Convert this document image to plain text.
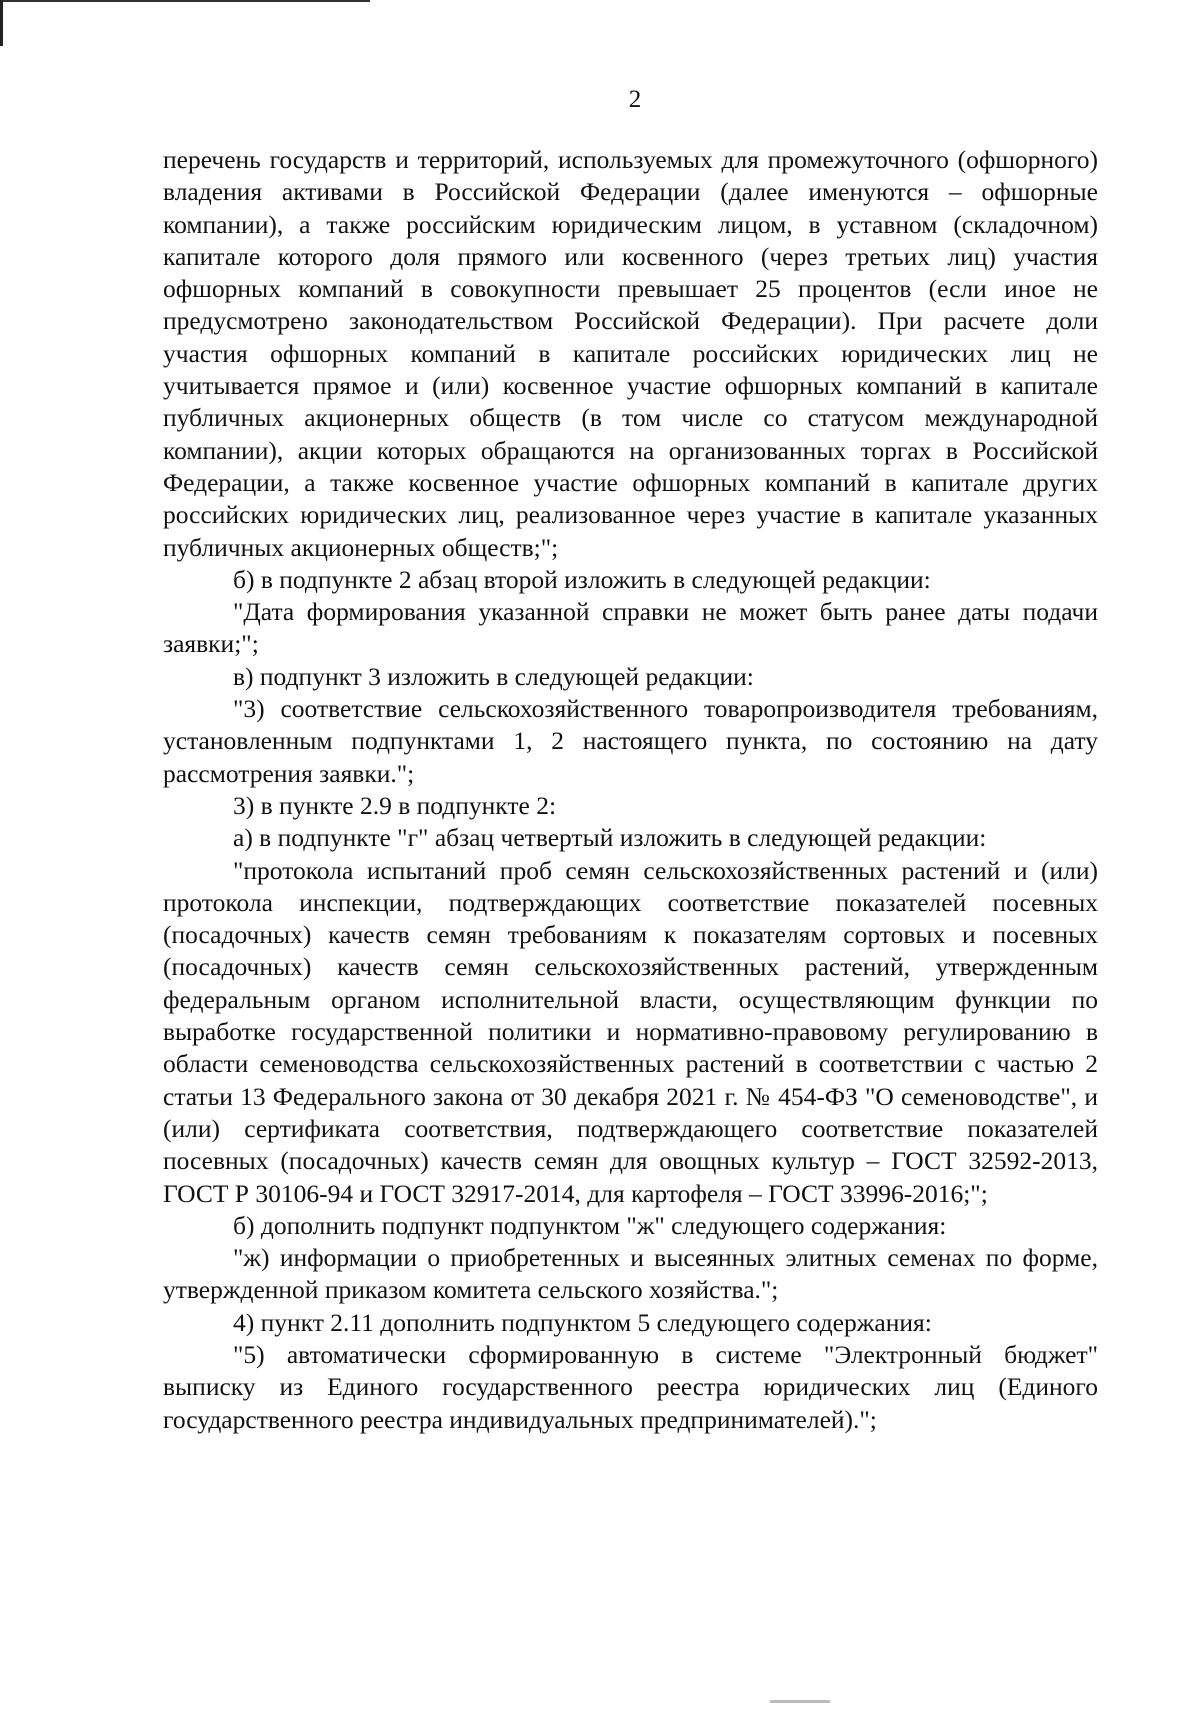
2

перечень государств и территорий, используемых для промежуточного (офшорного) владения активами в Российской Федерации (далее именуются – офшорные компании), а также российским юридическим лицом, в уставном (складочном) капитале которого доля прямого или косвенного (через третьих лиц) участия офшорных компаний в совокупности превышает 25 процентов (если иное не предусмотрено законодательством Российской Федерации). При расчете доли участия офшорных компаний в капитале российских юридических лиц не учитывается прямое и (или) косвенное участие офшорных компаний в капитале публичных акционерных обществ (в том числе со статусом международной компании), акции которых обращаются на организованных торгах в Российской Федерации, а также косвенное участие офшорных компаний в капитале других российских юридических лиц, реализованное через участие в капитале указанных публичных акционерных обществ;";

б) в подпункте 2 абзац второй изложить в следующей редакции:

"Дата формирования указанной справки не может быть ранее даты подачи заявки;";

в) подпункт 3 изложить в следующей редакции:

"3) соответствие сельскохозяйственного товаропроизводителя требованиям, установленным подпунктами 1, 2 настоящего пункта, по состоянию на дату рассмотрения заявки.";

3) в пункте 2.9 в подпункте 2:

а) в подпункте "г" абзац четвертый изложить в следующей редакции:

"протокола испытаний проб семян сельскохозяйственных растений и (или) протокола инспекции, подтверждающих соответствие показателей посевных (посадочных) качеств семян требованиям к показателям сортовых и посевных (посадочных) качеств семян сельскохозяйственных растений, утвержденным федеральным органом исполнительной власти, осуществляющим функции по выработке государственной политики и нормативно-правовому регулированию в области семеноводства сельскохозяйственных растений в соответствии с частью 2 статьи 13 Федерального закона от 30 декабря 2021 г. № 454-ФЗ "О семеноводстве", и (или) сертификата соответствия, подтверждающего соответствие показателей посевных (посадочных) качеств семян для овощных культур – ГОСТ 32592-2013, ГОСТ Р 30106-94 и ГОСТ 32917-2014, для картофеля – ГОСТ 33996-2016;";

б) дополнить подпункт подпунктом "ж" следующего содержания:

"ж) информации о приобретенных и высеянных элитных семенах по форме, утвержденной приказом комитета сельского хозяйства.";

4) пункт 2.11 дополнить подпунктом 5 следующего содержания:

"5) автоматически сформированную в системе "Электронный бюджет" выписку из Единого государственного реестра юридических лиц (Единого государственного реестра индивидуальных предпринимателей).";
